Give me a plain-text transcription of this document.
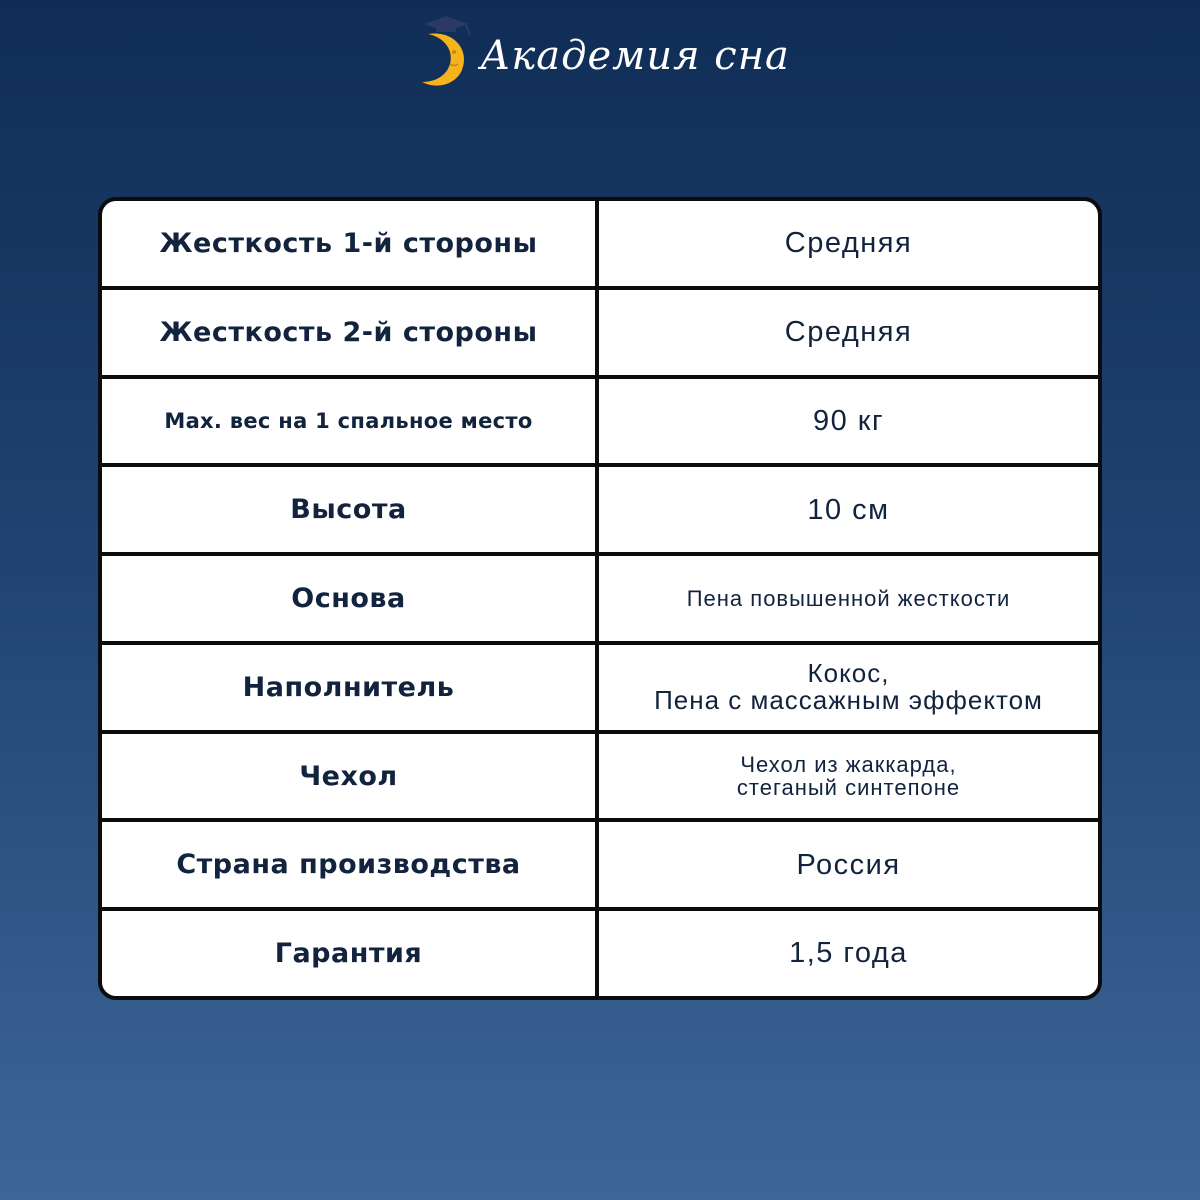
Академия сна
Жесткость 1-й стороны	Средняя
Жесткость 2-й стороны	Средняя
Max. вес на 1 спальное место	90 кг
Высота	10 см
Основа	Пена повышенной жесткости
Наполнитель	Кокос,
Пена с массажным эффектом
Чехол	Чехол из жаккарда,
стеганый синтепоне
Страна производства	Россия
Гарантия	1,5 года
